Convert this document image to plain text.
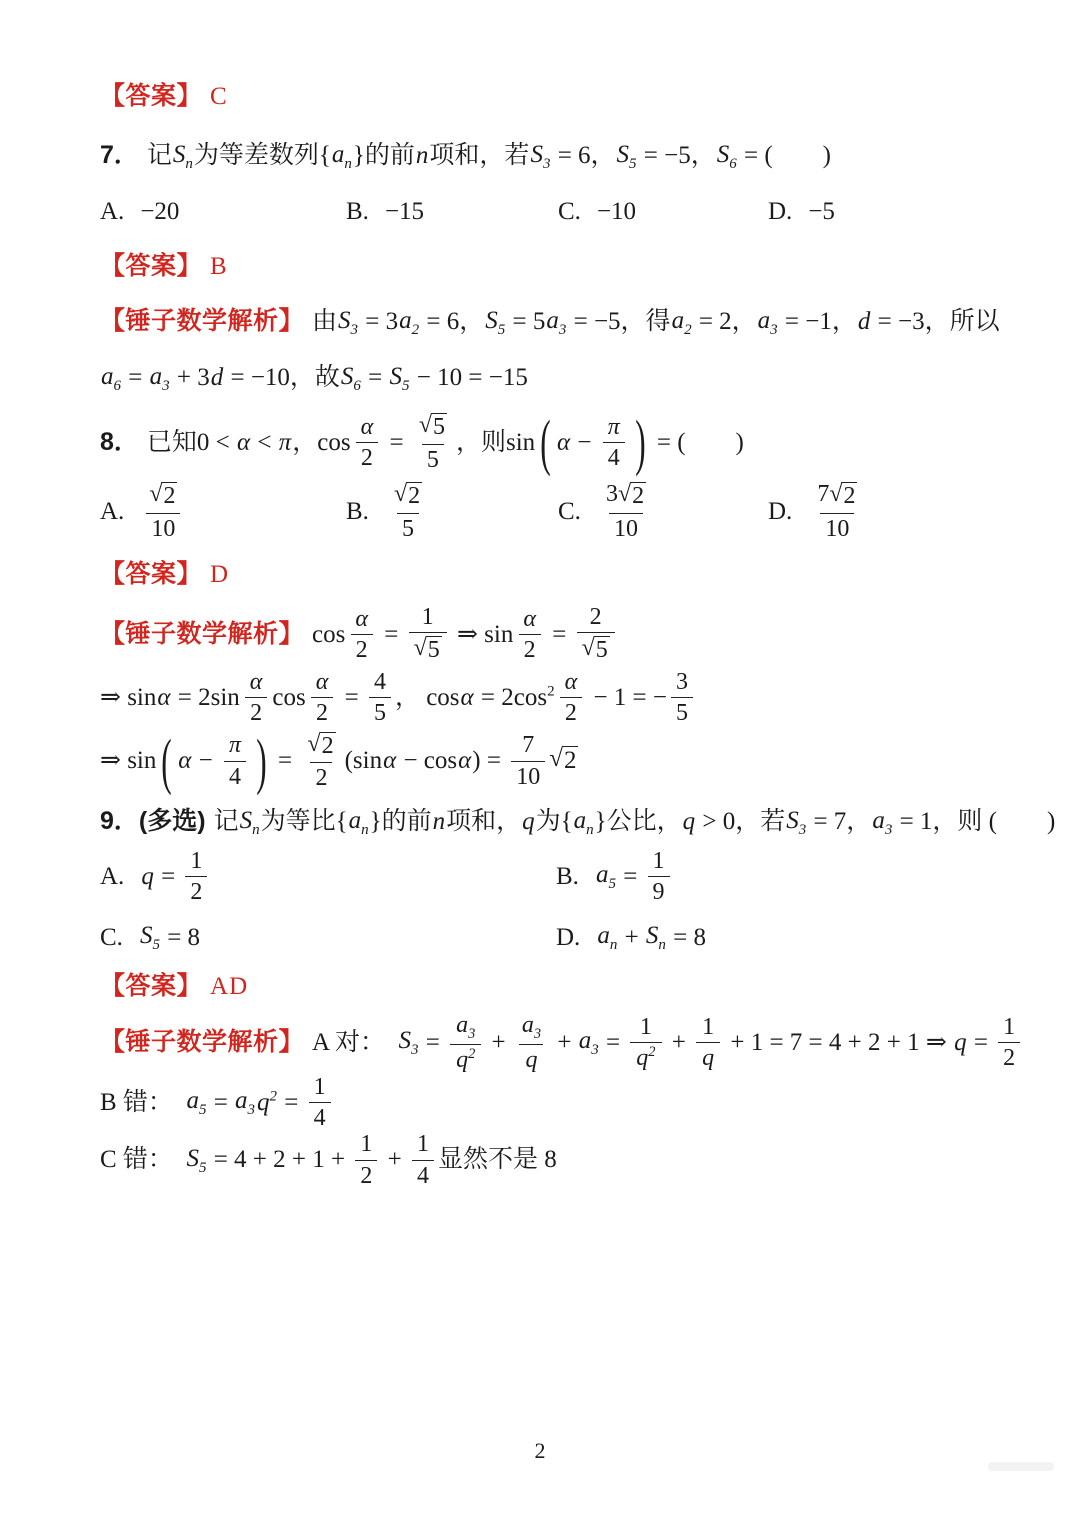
【答案】 C
7． 记 $S_n$ 为等差数列{ $a_n$ }的前 n 项和，若 $S_3 = 6$， $S_5 = -5$， $S_6$ = (　　)
A. −20	B. −15	C. −10	D. −5
【答案】 B
【锤子数学解析】 由 $S_3 = 3$ $a_2 = 6$， $S_5 = 5$ $a_3 = -5$，得 $a_2 = 2$， $a_3 = -1$， d = −3，所以
$a_6 = a_3 + 3$ d = −10，故 $S_6 = S_5 - 10 = -15$
8． 已知0 < α < π ，$\cos \frac{\alpha}{2} = \frac{√ 5}{5}$ ，则sin ( $\alpha - \frac{\pi}{4}$ ) = (　　)
A. $\frac{√ 2}{10}$	B. $\frac{√ 2}{5}$	C. $\frac{3 √ 2}{10}$	D. $\frac{7 √ 2}{10}$
【答案】 D
【锤子数学解析】 $\cos \frac{\alpha}{2} = \frac{1}{√ 5}$ ⇒ $\sin \frac{\alpha}{2} = \frac{2}{√ 5}$
⇒ $\sin \alpha = 2\sin \frac{\alpha}{2}$ $\cos \frac{\alpha}{2} = \frac{4}{5}$ ， cos α = 2 $\cos^2 \frac{\alpha}{2} - 1$ = − $\frac{3}{5}$
⇒ sin ( $\alpha - \frac{\pi}{4}$ ) = $\frac{√ 2}{2} (\sin$ α − cos α ) = $\frac{7}{10}$ √ 2
9．(多选) 记 $S_n$ 为等比{ $a_n$ }的前 n 项和， q 为{ $a_n$ }公比， q > 0，若 $S_3 = 7$， $a_3 = 1$，则 (　　)
A. $q = \frac{1}{2}$	B. $a_5 = \frac{1}{9}$
C. $S_5 = 8$	D. $a_n + S_n = 8$
【答案】 AD
【锤子数学解析】 A 对： $S_3 = \frac{a_3}{q^2} + \frac{a_3}{q} + a_3 = \frac{1}{q^2} + \frac{1}{q} + 1 = 7 = 4 + 2 + 1$ ⇒ $q = \frac{1}{2}$
B 错： $a_5 = a_3$ $q^2 = \frac{1}{4}$
C 错： $S_5 = 4 + 2 + 1 + \frac{1}{2} + \frac{1}{4}$ 显然不是 8
2
